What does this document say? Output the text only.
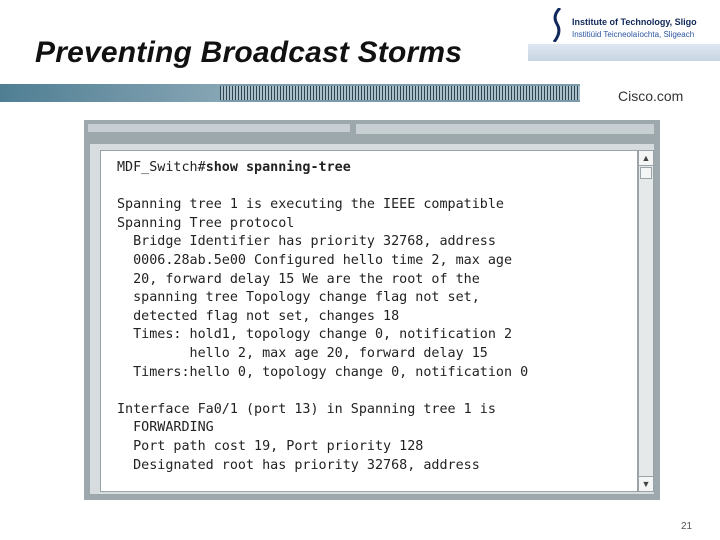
Preventing Broadcast Storms
Institute of Technology, Sligo
Institiúid Teicneolaíochta, Sligeach
Cisco.com
MDF_Switch#show spanning-tree

Spanning tree 1 is executing the IEEE compatible
Spanning Tree protocol
Bridge Identifier has priority 32768, address
0006.28ab.5e00 Configured hello time 2, max age
20, forward delay 15 We are the root of the
spanning tree Topology change flag not set,
detected flag not set, changes 18
Times: hold1, topology change 0, notification 2
hello 2, max age 20, forward delay 15
Timers:hello 0, topology change 0, notification 0

Interface Fa0/1 (port 13) in Spanning tree 1 is
FORWARDING
Port path cost 19, Port priority 128
Designated root has priority 32768, address
▲
▼
21
